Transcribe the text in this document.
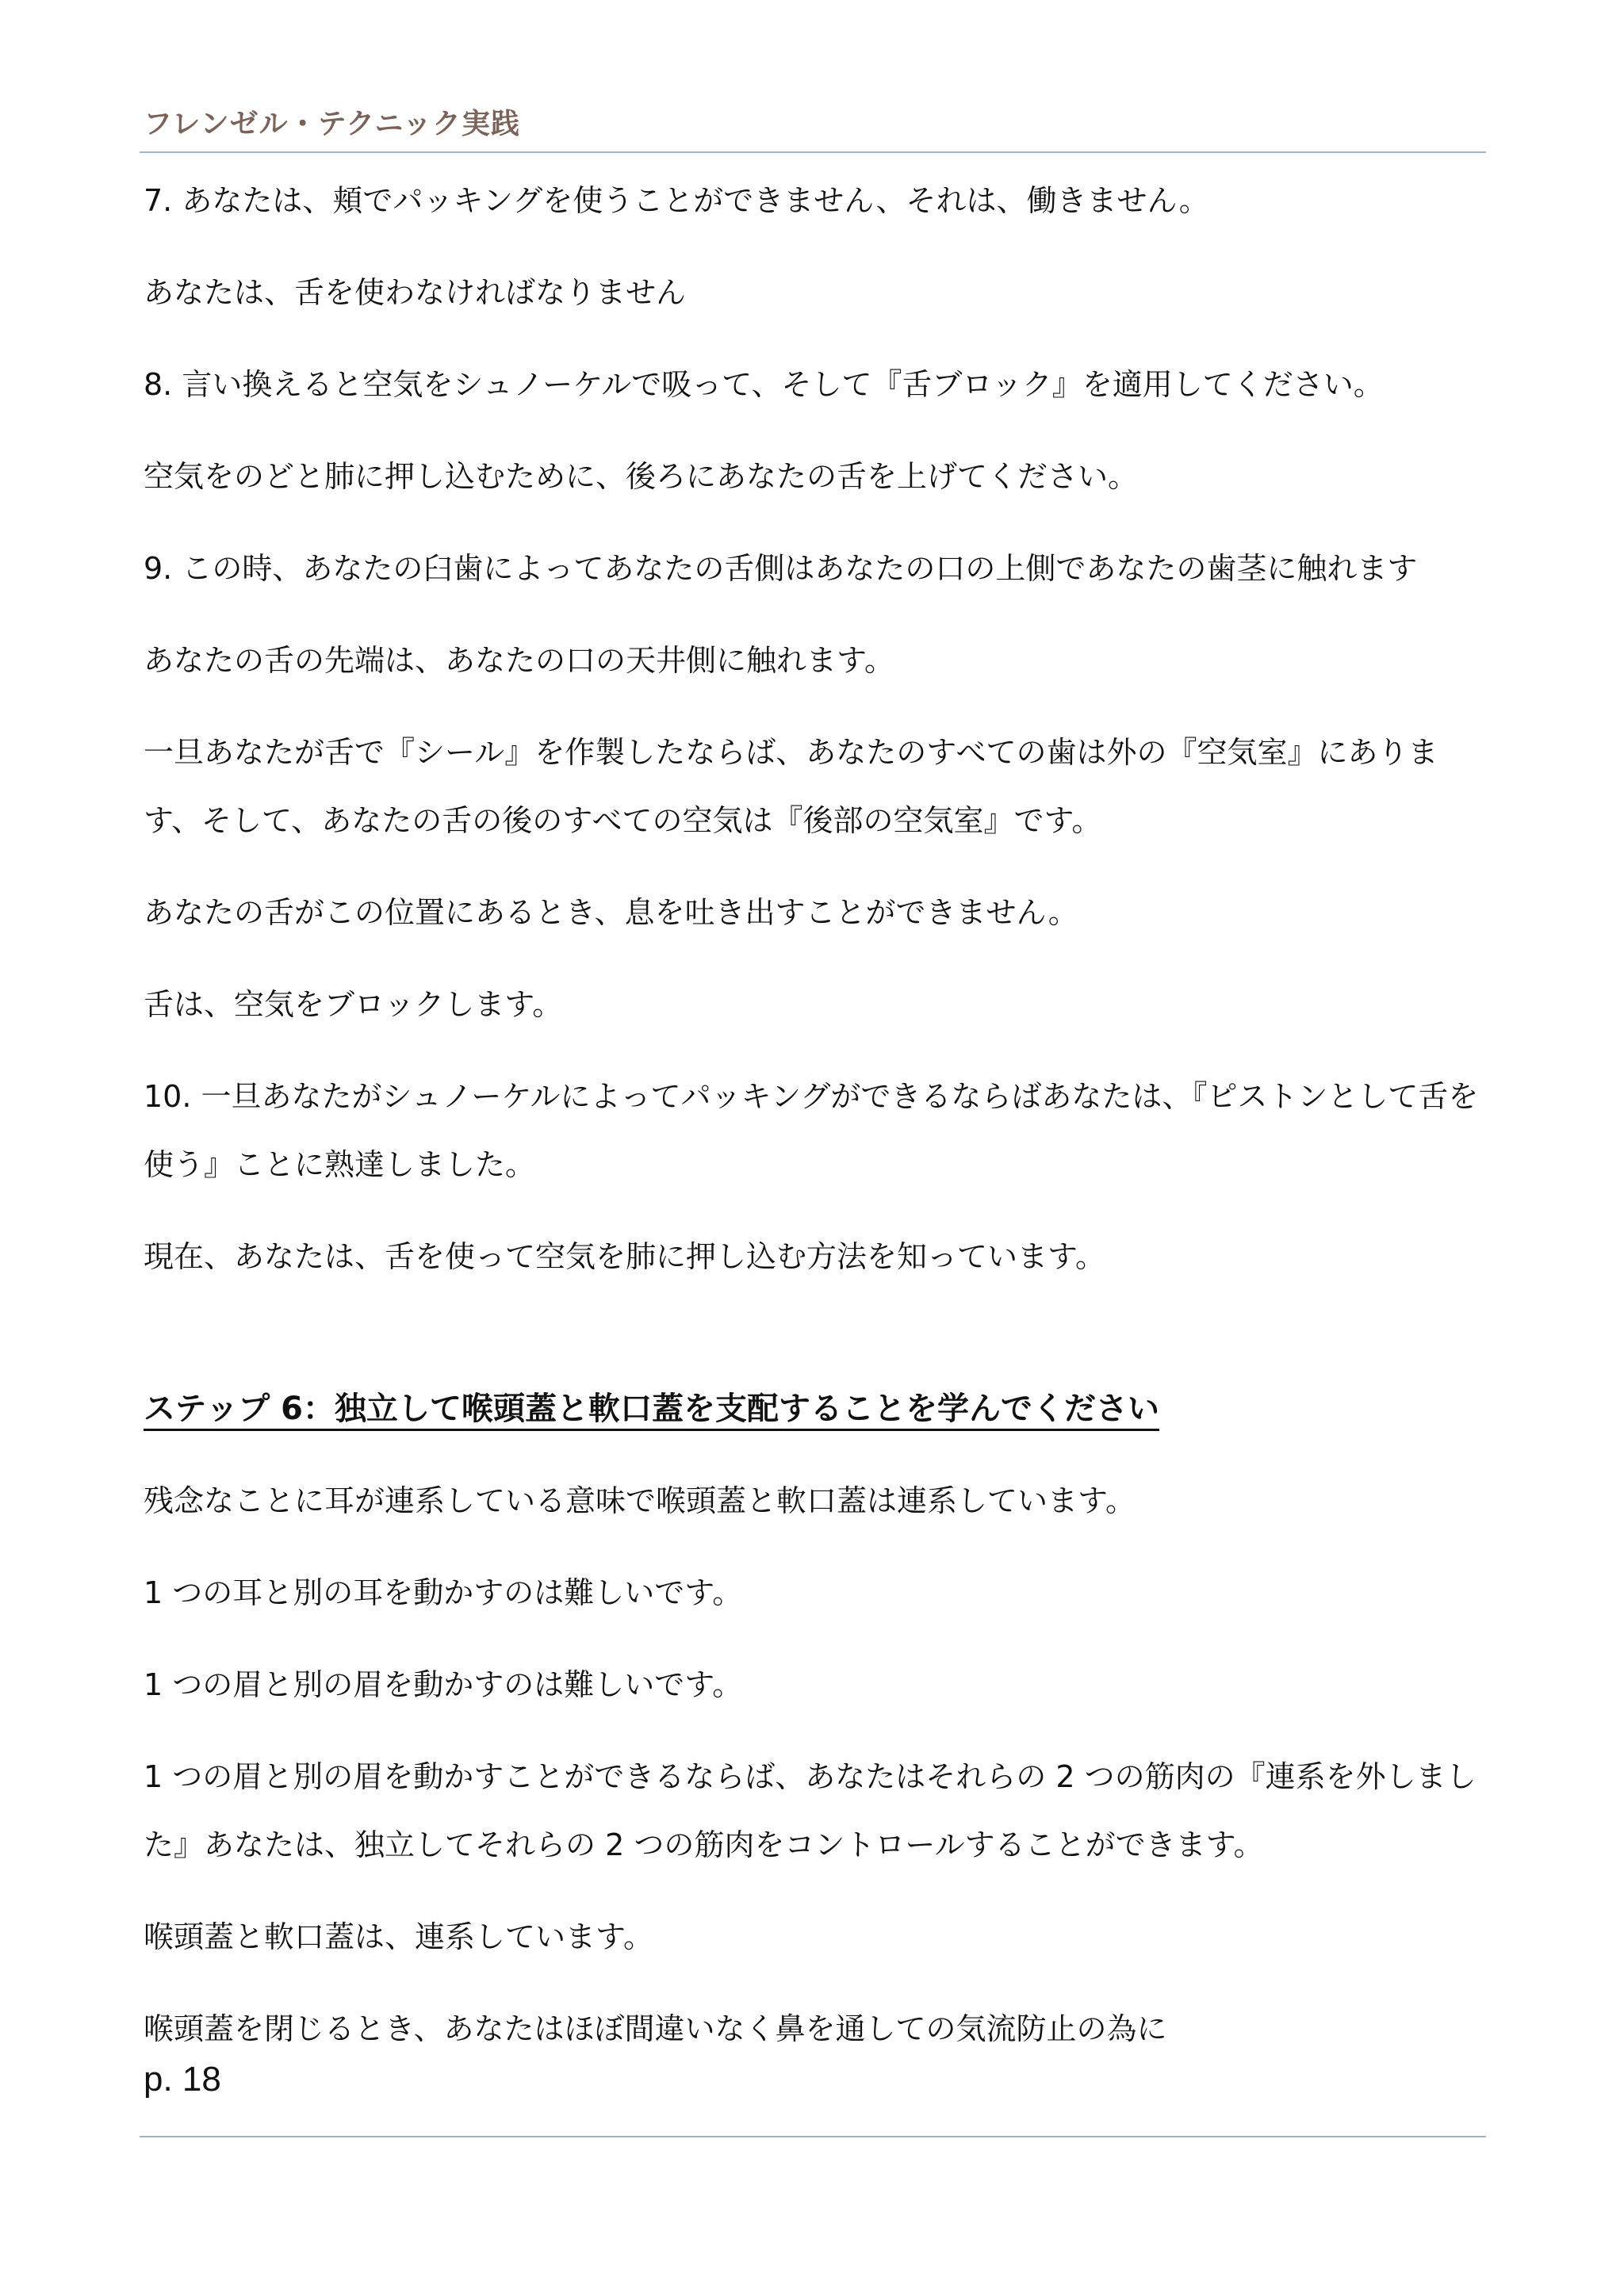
フレンゼル・テクニック実践

7. あなたは、頬でパッキングを使うことができません、それは、働きません。

あなたは、舌を使わなければなりません

8. 言い換えると空気をシュノーケルで吸って、そして『舌ブロック』を適用してください。

空気をのどと肺に押し込むために、後ろにあなたの舌を上げてください。

9. この時、あなたの臼歯によってあなたの舌側はあなたの口の上側であなたの歯茎に触れます

あなたの舌の先端は、あなたの口の天井側に触れます。

一旦あなたが舌で『シール』を作製したならば、あなたのすべての歯は外の『空気室』にあります、そして、あなたの舌の後のすべての空気は『後部の空気室』です。

あなたの舌がこの位置にあるとき、息を吐き出すことができません。

舌は、空気をブロックします。

10. 一旦あなたがシュノーケルによってパッキングができるならばあなたは、『ピストンとして舌を使う』ことに熟達しました。

現在、あなたは、舌を使って空気を肺に押し込む方法を知っています。

ステップ 6：独立して喉頭蓋と軟口蓋を支配することを学んでください

残念なことに耳が連系している意味で喉頭蓋と軟口蓋は連系しています。

1 つの耳と別の耳を動かすのは難しいです。

1 つの眉と別の眉を動かすのは難しいです。

1 つの眉と別の眉を動かすことができるならば、あなたはそれらの 2 つの筋肉の『連系を外しました』あなたは、独立してそれらの 2 つの筋肉をコントロールすることができます。

喉頭蓋と軟口蓋は、連系しています。

喉頭蓋を閉じるとき、あなたはほぼ間違いなく鼻を通しての気流防止の為に

p. 18
